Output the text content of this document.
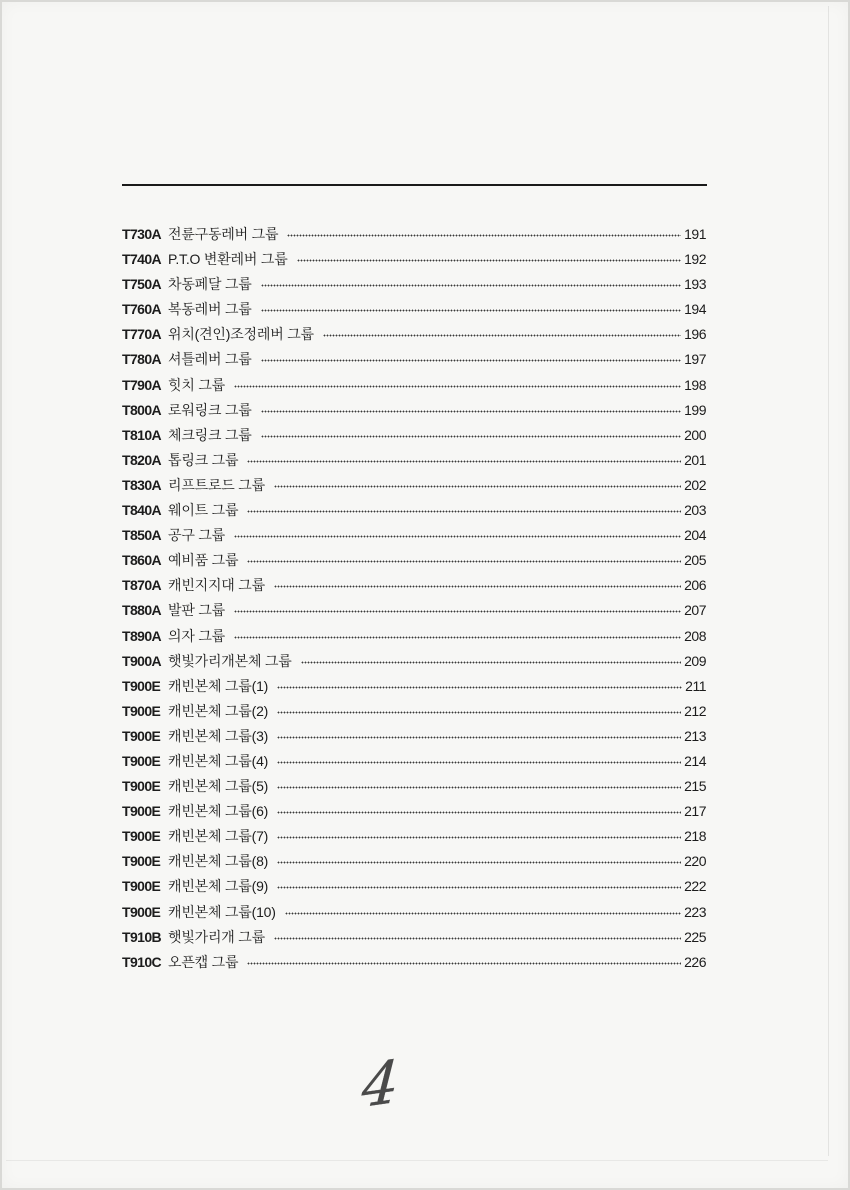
T730A 전륜구동레버 그룹	191
T740A P.T.O 변환레버 그룹	192
T750A 차동페달 그룹	193
T760A 복동레버 그룹	194
T770A 위치(견인)조정레버 그룹	196
T780A 셔틀레버 그룹	197
T790A 힛치 그룹	198
T800A 로워링크 그룹	199
T810A 체크링크 그룹	200
T820A 톱링크 그룹	201
T830A 리프트로드 그룹	202
T840A 웨이트 그룹	203
T850A 공구 그룹	204
T860A 예비품 그룹	205
T870A 캐빈지지대 그룹	206
T880A 발판 그룹	207
T890A 의자 그룹	208
T900A 햇빛가리개본체 그룹	209
T900E 캐빈본체 그룹(1)	211
T900E 캐빈본체 그룹(2)	212
T900E 캐빈본체 그룹(3)	213
T900E 캐빈본체 그룹(4)	214
T900E 캐빈본체 그룹(5)	215
T900E 캐빈본체 그룹(6)	217
T900E 캐빈본체 그룹(7)	218
T900E 캐빈본체 그룹(8)	220
T900E 캐빈본체 그룹(9)	222
T900E 캐빈본체 그룹(10)	223
T910B 햇빛가리개 그룹	225
T910C 오픈캡 그룹	226
4
